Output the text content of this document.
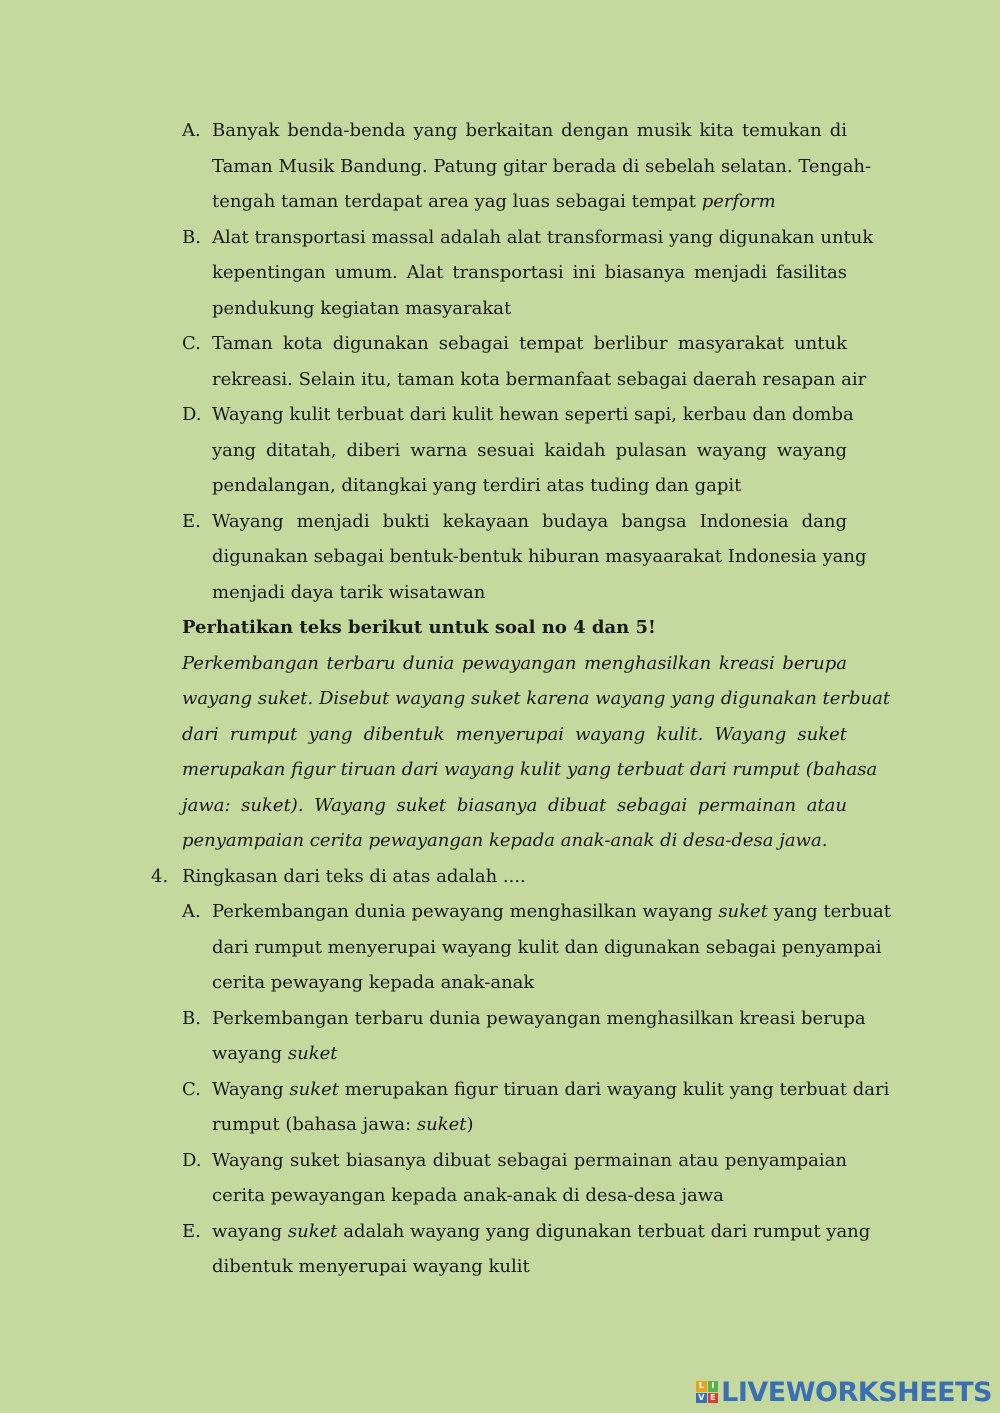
A. Banyak benda-benda yang berkaitan dengan musik kita temukan di
Taman Musik Bandung. Patung gitar berada di sebelah selatan. Tengah-
tengah taman terdapat area yag luas sebagai tempat perform
B. Alat transportasi massal adalah alat transformasi yang digunakan untuk
kepentingan umum. Alat transportasi ini biasanya menjadi fasilitas
pendukung kegiatan masyarakat
C. Taman kota digunakan sebagai tempat berlibur masyarakat untuk
rekreasi. Selain itu, taman kota bermanfaat sebagai daerah resapan air
D. Wayang kulit terbuat dari kulit hewan seperti sapi, kerbau dan domba
yang ditatah, diberi warna sesuai kaidah pulasan wayang wayang
pendalangan, ditangkai yang terdiri atas tuding dan gapit
E. Wayang menjadi bukti kekayaan budaya bangsa Indonesia dang
digunakan sebagai bentuk-bentuk hiburan masyaarakat Indonesia yang
menjadi daya tarik wisatawan
Perhatikan teks berikut untuk soal no 4 dan 5!
Perkembangan terbaru dunia pewayangan menghasilkan kreasi berupa
wayang suket. Disebut wayang suket karena wayang yang digunakan terbuat
dari rumput yang dibentuk menyerupai wayang kulit. Wayang suket
merupakan figur tiruan dari wayang kulit yang terbuat dari rumput (bahasa
jawa: suket). Wayang suket biasanya dibuat sebagai permainan atau
penyampaian cerita pewayangan kepada anak-anak di desa-desa jawa.
4. Ringkasan dari teks di atas adalah ....
A. Perkembangan dunia pewayang menghasilkan wayang suket yang terbuat
dari rumput menyerupai wayang kulit dan digunakan sebagai penyampai
cerita pewayang kepada anak-anak
B. Perkembangan terbaru dunia pewayangan menghasilkan kreasi berupa
wayang suket
C. Wayang suket merupakan figur tiruan dari wayang kulit yang terbuat dari
rumput (bahasa jawa: suket)
D. Wayang suket biasanya dibuat sebagai permainan atau penyampaian
cerita pewayangan kepada anak-anak di desa-desa jawa
E. wayang suket adalah wayang yang digunakan terbuat dari rumput yang
dibentuk menyerupai wayang kulit
L I
V E LIVEWORKSHEETS
